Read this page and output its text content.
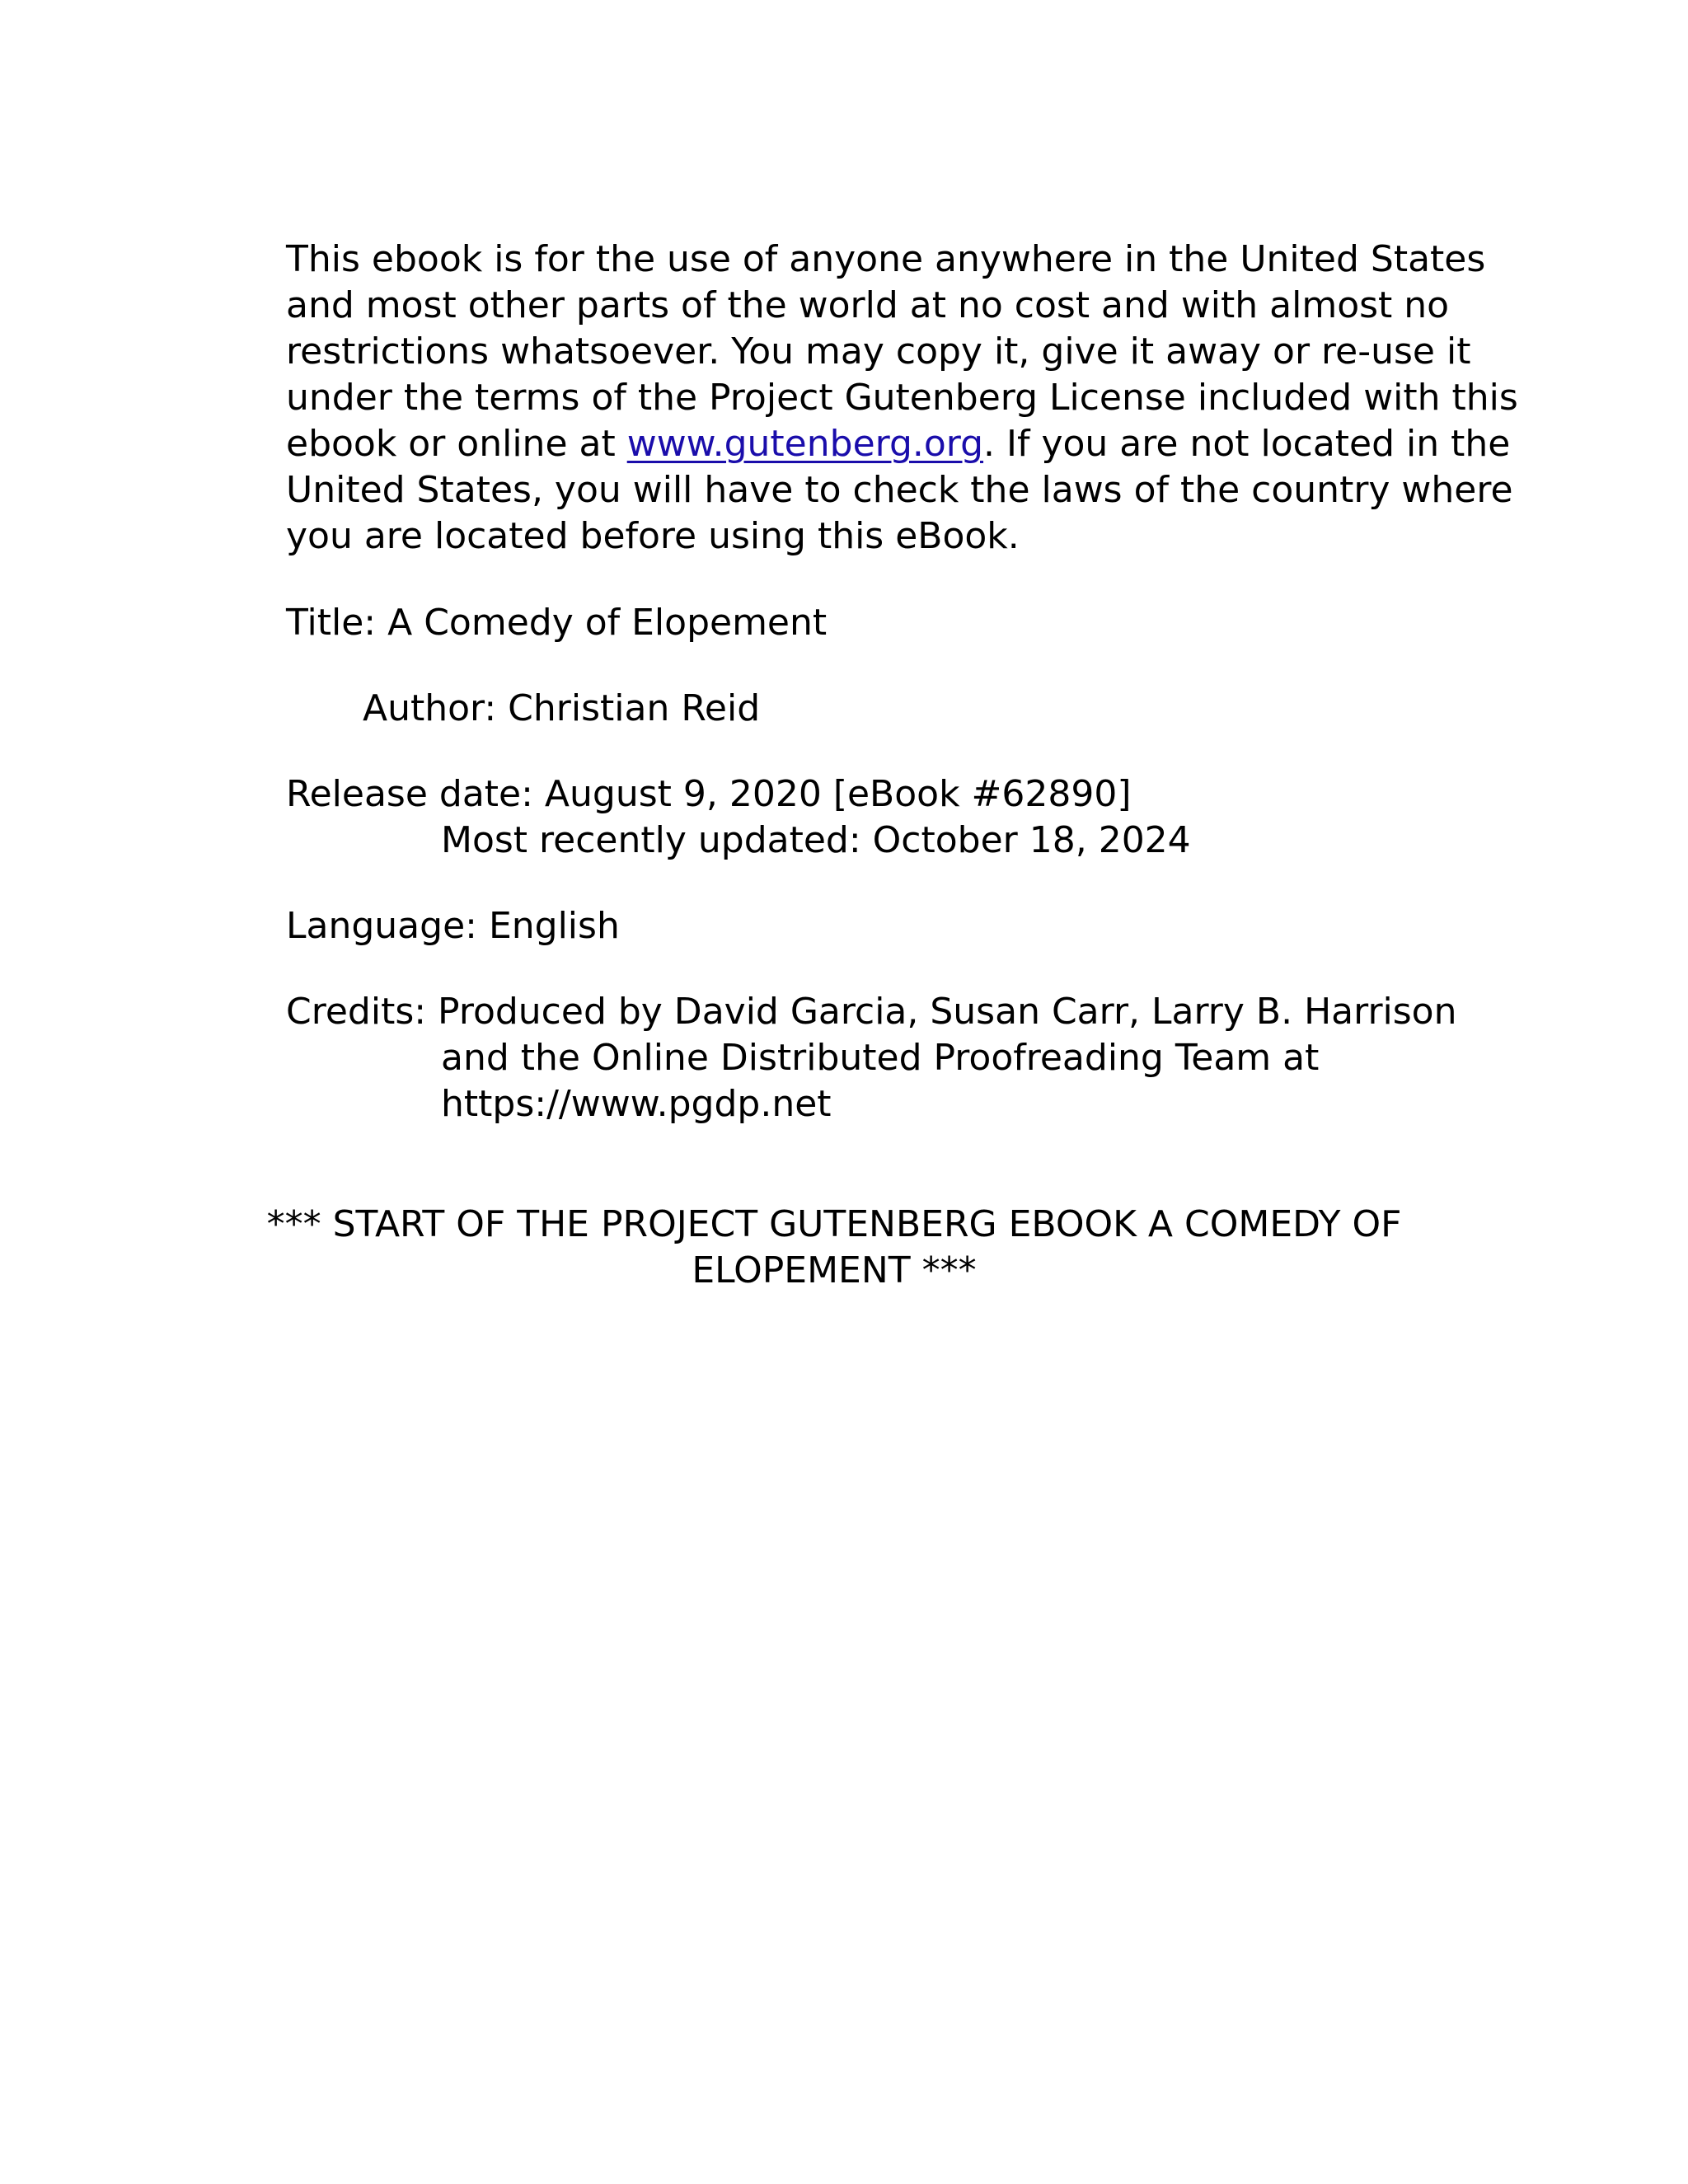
This ebook is for the use of anyone anywhere in the United States
and most other parts of the world at no cost and with almost no
restrictions whatsoever. You may copy it, give it away or re-use it
under the terms of the Project Gutenberg License included with this
ebook or online at www.gutenberg.org. If you are not located in the
United States, you will have to check the laws of the country where
you are located before using this eBook.
Title: A Comedy of Elopement
Author: Christian Reid
Release date: August 9, 2020 [eBook #62890]
Most recently updated: October 18, 2024
Language: English
Credits: Produced by David Garcia, Susan Carr, Larry B. Harrison
and the Online Distributed Proofreading Team at
https://www.pgdp.net
*** START OF THE PROJECT GUTENBERG EBOOK A COMEDY OF
ELOPEMENT ***
